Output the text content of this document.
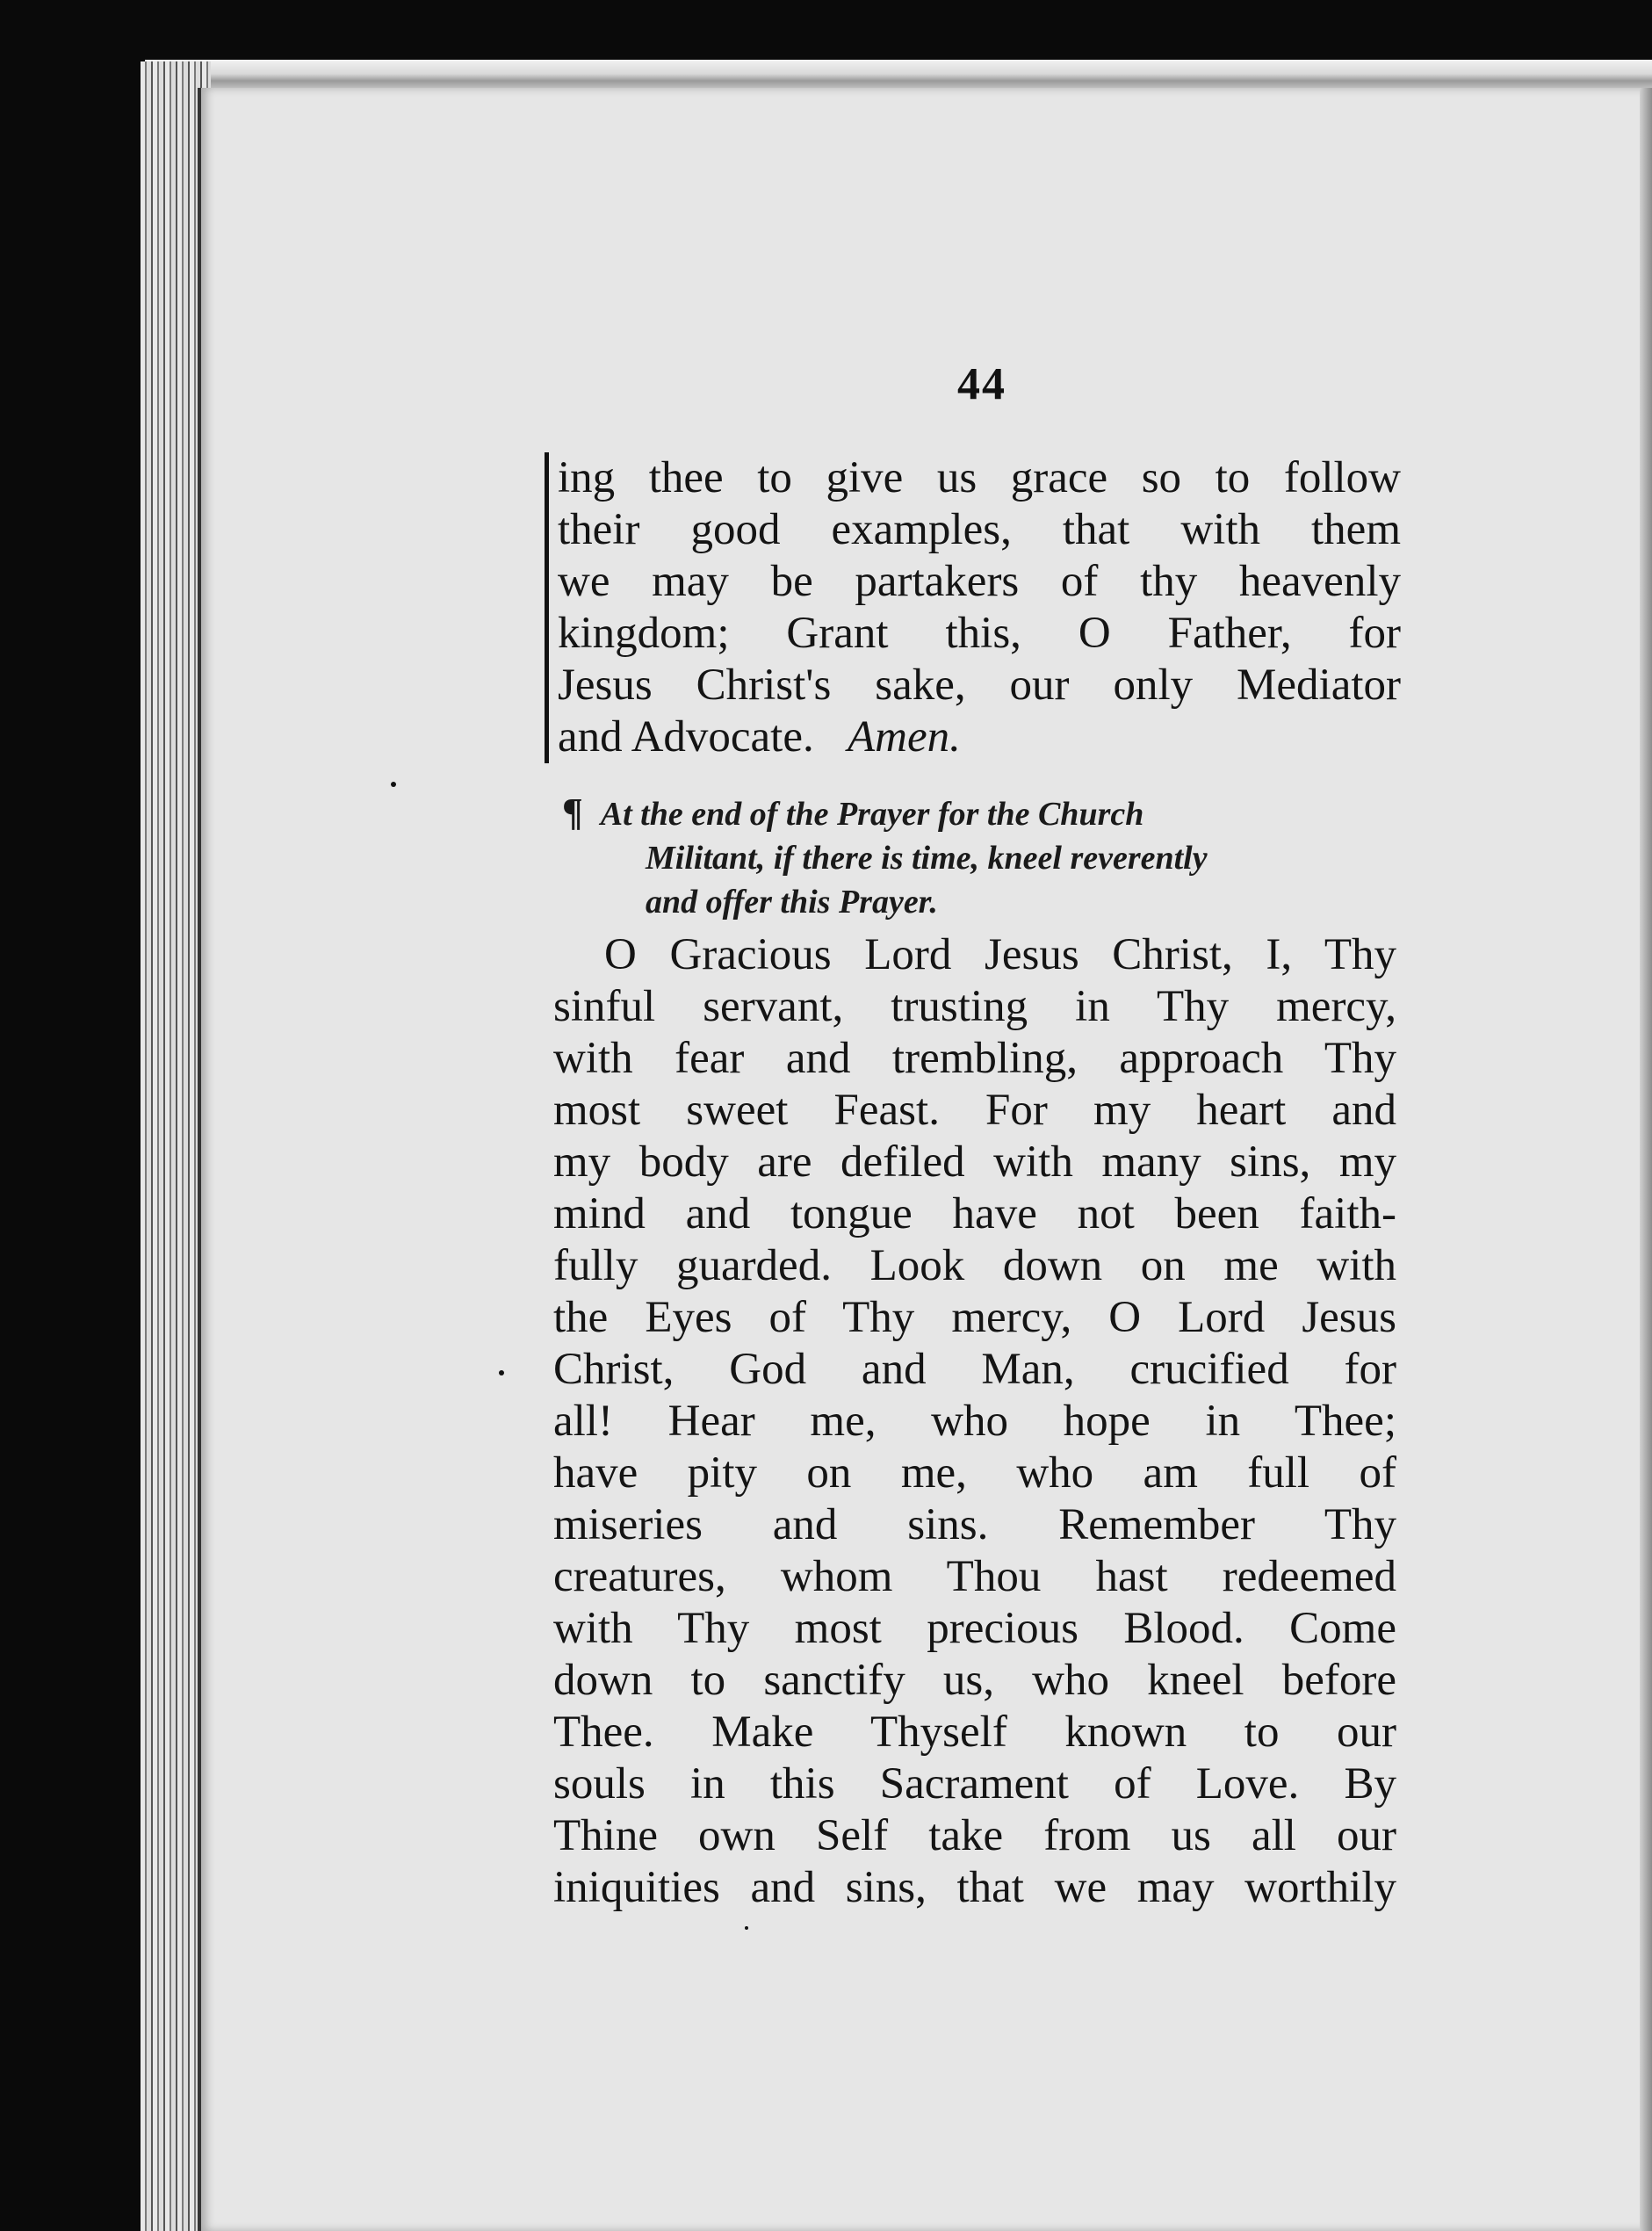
44
ing thee to give us grace so to follow
their good examples, that with them
we may be partakers of thy heavenly
kingdom; Grant this, O Father, for
Jesus Christ's sake, our only Mediator
and Advocate. Amen.
¶ At the end of the Prayer for the Church
Militant, if there is time, kneel reverently
and offer this Prayer.
O Gracious Lord Jesus Christ, I, Thy
sinful servant, trusting in Thy mercy,
with fear and trembling, approach Thy
most sweet Feast. For my heart and
my body are defiled with many sins, my
mind and tongue have not been faith-
fully guarded. Look down on me with
the Eyes of Thy mercy, O Lord Jesus
Christ, God and Man, crucified for
all! Hear me, who hope in Thee;
have pity on me, who am full of
miseries and sins. Remember Thy
creatures, whom Thou hast redeemed
with Thy most precious Blood. Come
down to sanctify us, who kneel before
Thee. Make Thyself known to our
souls in this Sacrament of Love. By
Thine own Self take from us all our
iniquities and sins, that we may worthily
